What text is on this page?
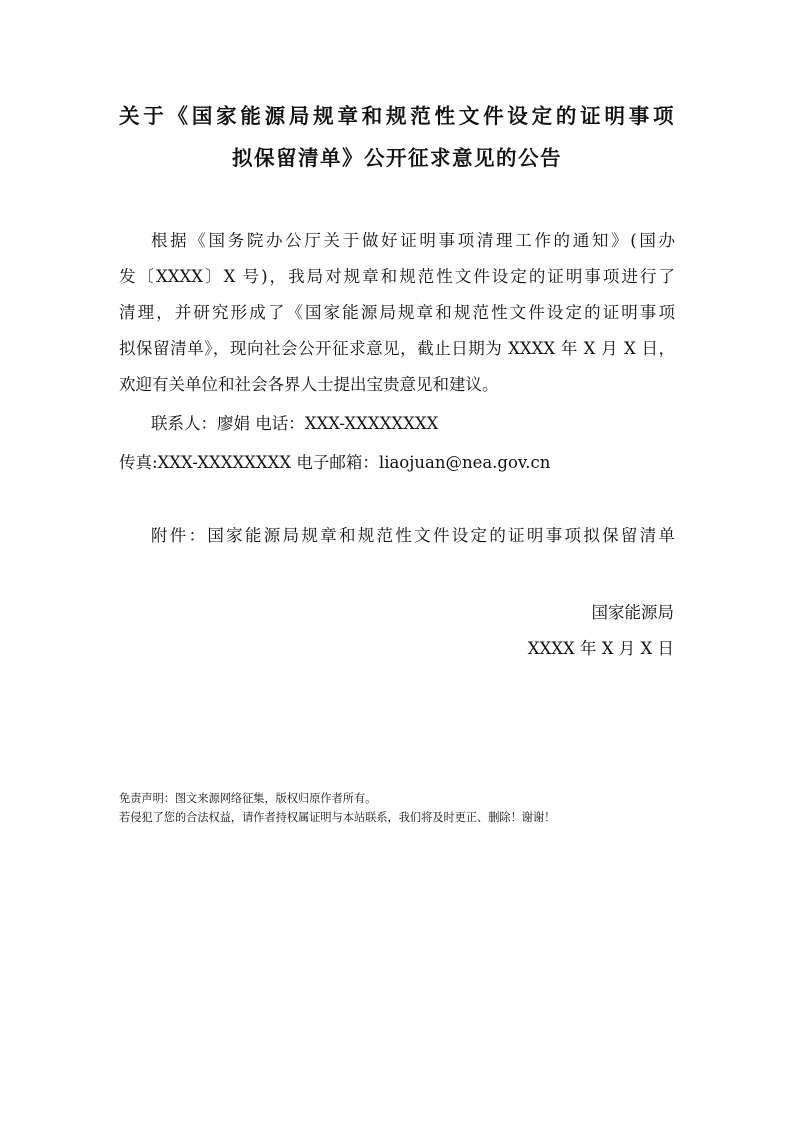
关于《国家能源局规章和规范性文件设定的证明事项
拟保留清单》公开征求意见的公告
根据《国务院办公厅关于做好证明事项清理工作的通知》(国办
发〔XXXX〕X 号)，我局对规章和规范性文件设定的证明事项进行了
清理，并研究形成了《国家能源局规章和规范性文件设定的证明事项
拟保留清单》，现向社会公开征求意见，截止日期为 XXXX 年 X 月 X 日，
欢迎有关单位和社会各界人士提出宝贵意见和建议。
联系人：廖娟 电话：XXX-XXXXXXXX
传真:XXX-XXXXXXXX 电子邮箱：liaojuan@nea.gov.cn
附件：国家能源局规章和规范性文件设定的证明事项拟保留清单
国家能源局
XXXX 年 X 月 X 日
免责声明：图文来源网络征集，版权归原作者所有。
若侵犯了您的合法权益，请作者持权属证明与本站联系，我们将及时更正、删除！谢谢！
